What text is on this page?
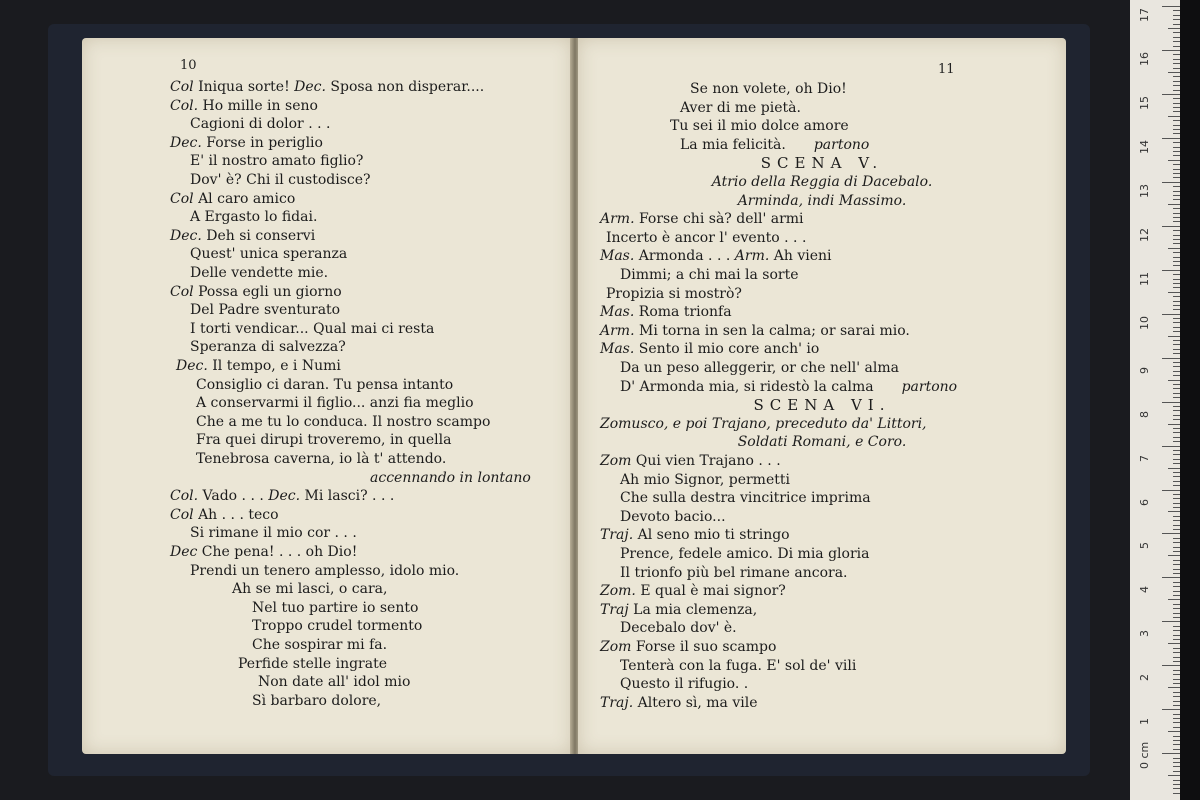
10
Col Iniqua sorte! Dec. Sposa non disperar....
Col. Ho mille in seno
Cagioni di dolor . . .
Dec. Forse in periglio
E' il nostro amato figlio?
Dov' è? Chi il custodisce?
Col Al caro amico
A Ergasto lo fidai.
Dec. Deh si conservi
Quest' unica speranza
Delle vendette mie.
Col Possa egli un giorno
Del Padre sventurato
I torti vendicar... Qual mai ci resta
Speranza di salvezza?
Dec. Il tempo, e i Numi
Consiglio ci daran. Tu pensa intanto
A conservarmi il figlio... anzi fia meglio
Che a me tu lo conduca. Il nostro scampo
Fra quei dirupi troveremo, in quella
Tenebrosa caverna, io là t' attendo.
accennando in lontano
Col. Vado . . . Dec. Mi lasci? . . .
Col Ah . . . teco
Si rimane il mio cor . . .
Dec Che pena! . . . oh Dio!
Prendi un tenero amplesso, idolo mio.
Ah se mi lasci, o cara,
Nel tuo partire io sento
Troppo crudel tormento
Che sospirar mi fa.
Perfide stelle ingrate
Non date all' idol mio
Sì barbaro dolore,
11
Se non volete, oh Dio!
Aver di me pietà.
Tu sei il mio dolce amore
La mia felicità. partono
SCENA V.
Atrio della Reggia di Dacebalo.
Arminda, indi Massimo.
Arm. Forse chi sà? dell' armi
Incerto è ancor l' evento . . .
Mas. Armonda . . . Arm. Ah vieni
Dimmi; a chi mai la sorte
Propizia si mostrò?
Mas. Roma trionfa
Arm. Mi torna in sen la calma; or sarai mio.
Mas. Sento il mio core anch' io
Da un peso alleggerir, or che nell' alma
D' Armonda mia, si ridestò la calma partono
SCENA VI.
Zomusco, e poi Trajano, preceduto da' Littori,
Soldati Romani, e Coro.
Zom Qui vien Trajano . . .
Ah mio Signor, permetti
Che sulla destra vincitrice imprima
Devoto bacio...
Traj. Al seno mio ti stringo
Prence, fedele amico. Di mia gloria
Il trionfo più bel rimane ancora.
Zom. E qual è mai signor?
Traj La mia clemenza,
Decebalo dov' è.
Zom Forse il suo scampo
Tenterà con la fuga. E' sol de' vili
Questo il rifugio. .
Traj. Altero sì, ma vile
17
16
15
14
13
12
11
10
9
8
7
6
5
4
3
2
1
0 cm
